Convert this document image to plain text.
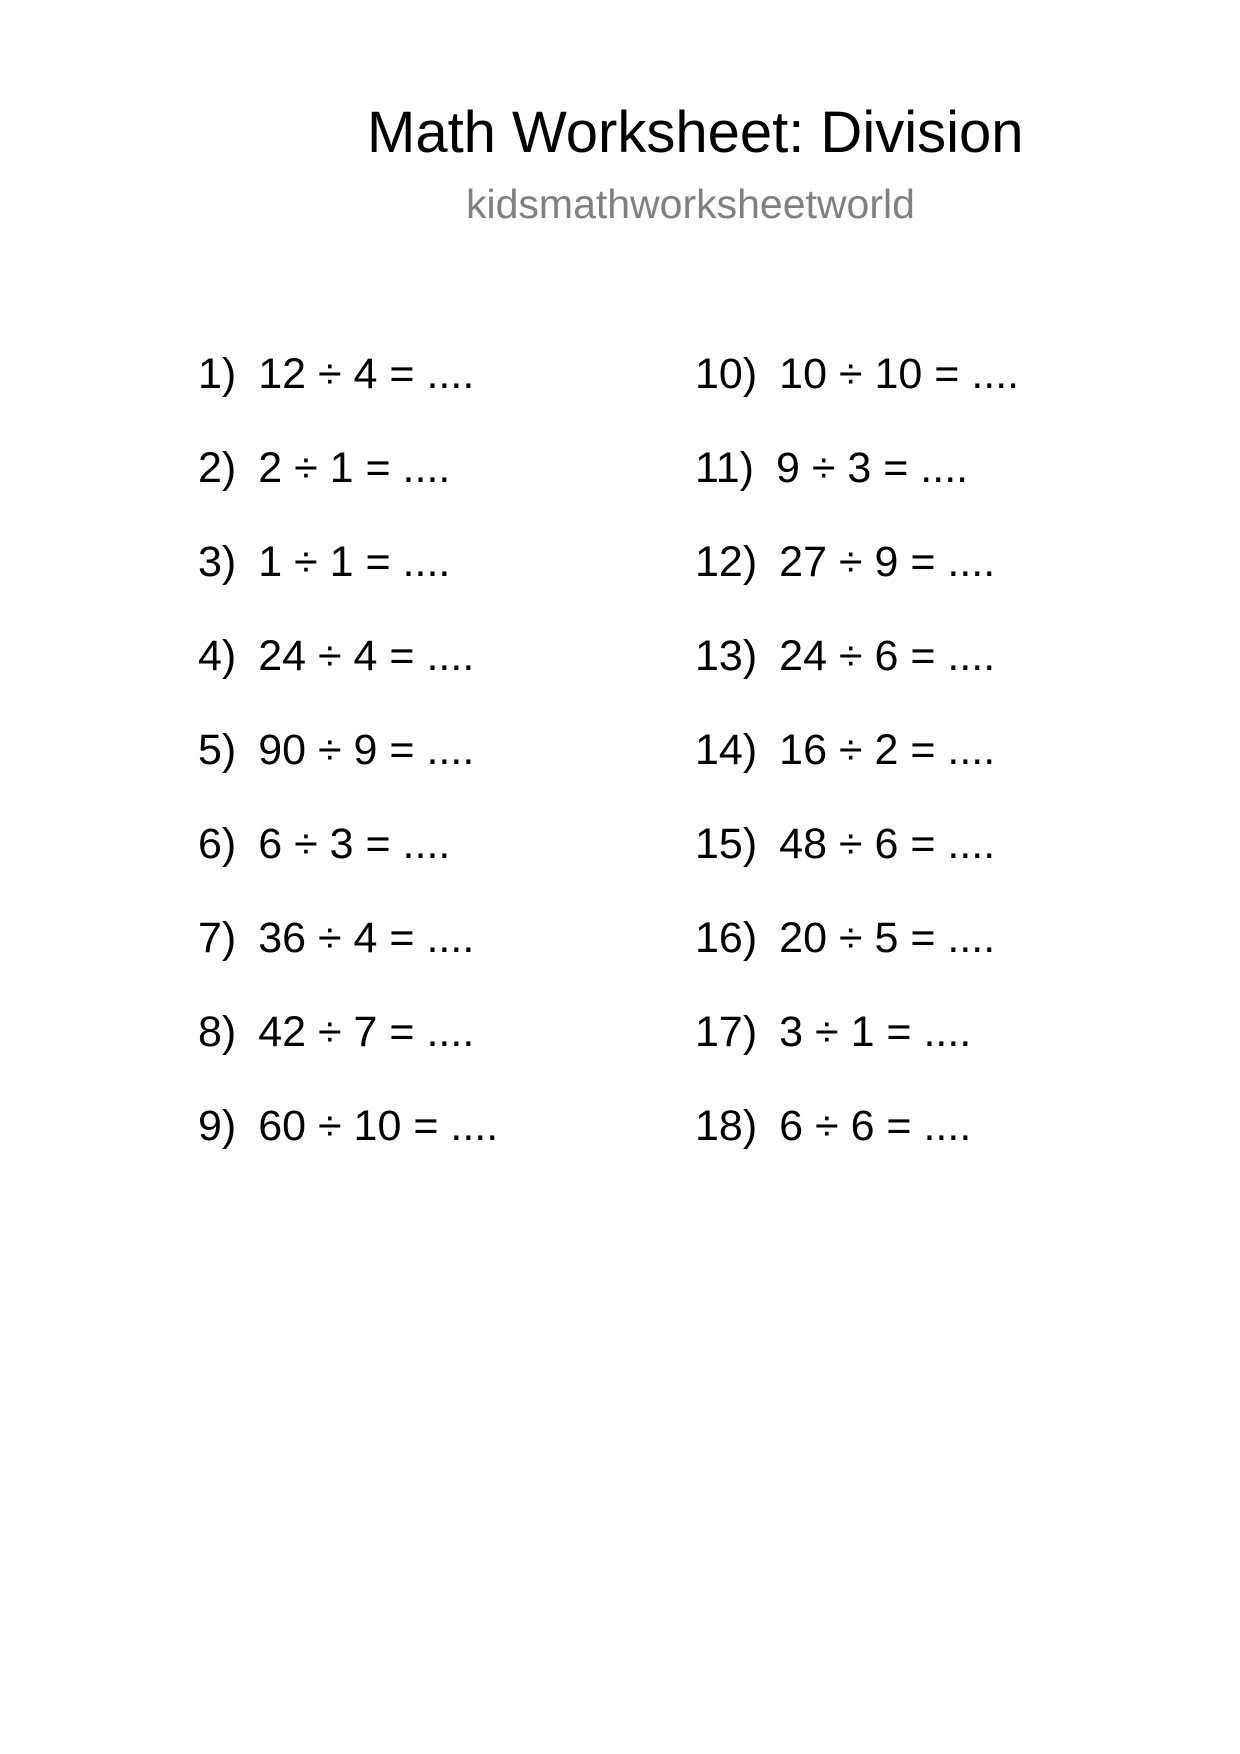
Math Worksheet: Division
kidsmathworksheetworld
1) 12 ÷ 4 = ....
2) 2 ÷ 1 = ....
3) 1 ÷ 1 = ....
4) 24 ÷ 4 = ....
5) 90 ÷ 9 = ....
6) 6 ÷ 3 = ....
7) 36 ÷ 4 = ....
8) 42 ÷ 7 = ....
9) 60 ÷ 10 = ....
10) 10 ÷ 10 = ....
11) 9 ÷ 3 = ....
12) 27 ÷ 9 = ....
13) 24 ÷ 6 = ....
14) 16 ÷ 2 = ....
15) 48 ÷ 6 = ....
16) 20 ÷ 5 = ....
17) 3 ÷ 1 = ....
18) 6 ÷ 6 = ....
